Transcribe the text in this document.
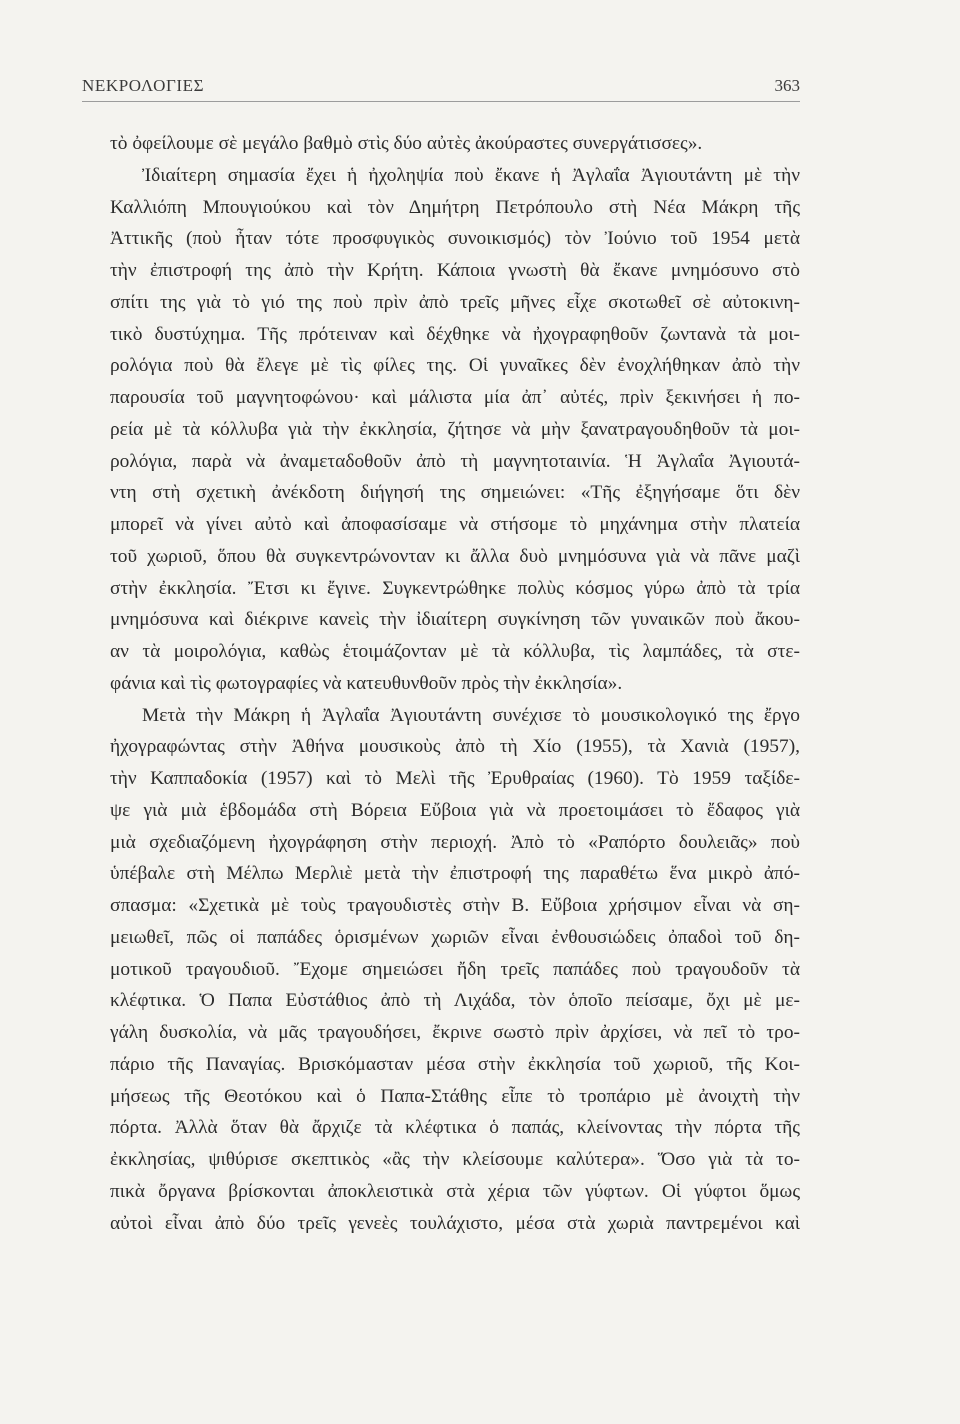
ΝΕΚΡΟΛΟΓΙΕΣ	363
τὸ ὀφείλουμε σὲ μεγάλο βαθμὸ στὶς δύο αὐτὲς ἀκούραστες συνεργάτισσες».
Ἰδιαίτερη σημασία ἔχει ἡ ἠχοληψία ποὺ ἔκανε ἡ Ἀγλαΐα Ἀγιουτάντη μὲ τὴν
Καλλιόπη Μπουγιούκου καὶ τὸν Δημήτρη Πετρόπουλο στὴ Νέα Μάκρη τῆς
Ἀττικῆς (ποὺ ἦταν τότε προσφυγικὸς συνοικισμός) τὸν Ἰούνιο τοῦ 1954 μετὰ
τὴν ἐπιστροφή της ἀπὸ τὴν Κρήτη. Κάποια γνωστὴ θὰ ἔκανε μνημόσυνο στὸ
σπίτι της γιὰ τὸ γιό της ποὺ πρὶν ἀπὸ τρεῖς μῆνες εἶχε σκοτωθεῖ σὲ αὐτοκινη-
τικὸ δυστύχημα. Τῆς πρότειναν καὶ δέχθηκε νὰ ἠχογραφηθοῦν ζωντανὰ τὰ μοι-
ρολόγια ποὺ θὰ ἔλεγε μὲ τὶς φίλες της. Οἱ γυναῖκες δὲν ἐνοχλήθηκαν ἀπὸ τὴν
παρουσία τοῦ μαγνητοφώνου· καὶ μάλιστα μία ἀπ᾽ αὐτές, πρὶν ξεκινήσει ἡ πο-
ρεία μὲ τὰ κόλλυβα γιὰ τὴν ἐκκλησία, ζήτησε νὰ μὴν ξανατραγουδηθοῦν τὰ μοι-
ρολόγια, παρὰ νὰ ἀναμεταδοθοῦν ἀπὸ τὴ μαγνητοταινία. Ἡ Ἀγλαΐα Ἀγιουτά-
ντη στὴ σχετικὴ ἀνέκδοτη διήγησή της σημειώνει: «Τῆς ἐξηγήσαμε ὅτι δὲν
μπορεῖ νὰ γίνει αὐτὸ καὶ ἀποφασίσαμε νὰ στήσομε τὸ μηχάνημα στὴν πλατεία
τοῦ χωριοῦ, ὅπου θὰ συγκεντρώνονταν κι ἄλλα δυὸ μνημόσυνα γιὰ νὰ πᾶνε μαζὶ
στὴν ἐκκλησία. Ἔτσι κι ἔγινε. Συγκεντρώθηκε πολὺς κόσμος γύρω ἀπὸ τὰ τρία
μνημόσυνα καὶ διέκρινε κανεὶς τὴν ἰδιαίτερη συγκίνηση τῶν γυναικῶν ποὺ ἄκου-
αν τὰ μοιρολόγια, καθὼς ἑτοιμάζονταν μὲ τὰ κόλλυβα, τὶς λαμπάδες, τὰ στε-
φάνια καὶ τὶς φωτογραφίες νὰ κατευθυνθοῦν πρὸς τὴν ἐκκλησία».
Μετὰ τὴν Μάκρη ἡ Ἀγλαΐα Ἀγιουτάντη συνέχισε τὸ μουσικολογικό της ἔργο
ἠχογραφώντας στὴν Ἀθήνα μουσικοὺς ἀπὸ τὴ Χίο (1955), τὰ Χανιὰ (1957),
τὴν Καππαδοκία (1957) καὶ τὸ Μελὶ τῆς Ἐρυθραίας (1960). Τὸ 1959 ταξίδε-
ψε γιὰ μιὰ ἑβδομάδα στὴ Βόρεια Εὔβοια γιὰ νὰ προετοιμάσει τὸ ἔδαφος γιὰ
μιὰ σχεδιαζόμενη ἠχογράφηση στὴν περιοχή. Ἀπὸ τὸ «Ραπόρτο δουλειᾶς» ποὺ
ὑπέβαλε στὴ Μέλπω Μερλιὲ μετὰ τὴν ἐπιστροφή της παραθέτω ἕνα μικρὸ ἀπό-
σπασμα: «Σχετικὰ μὲ τοὺς τραγουδιστὲς στὴν Β. Εὔβοια χρήσιμον εἶναι νὰ ση-
μειωθεῖ, πῶς οἱ παπάδες ὁρισμένων χωριῶν εἶναι ἐνθουσιώδεις ὀπαδοὶ τοῦ δη-
μοτικοῦ τραγουδιοῦ. Ἔχομε σημειώσει ἤδη τρεῖς παπάδες ποὺ τραγουδοῦν τὰ
κλέφτικα. Ὁ Παπα Εὐστάθιος ἀπὸ τὴ Λιχάδα, τὸν ὁποῖο πείσαμε, ὄχι μὲ με-
γάλη δυσκολία, νὰ μᾶς τραγουδήσει, ἔκρινε σωστὸ πρὶν ἀρχίσει, νὰ πεῖ τὸ τρο-
πάριο τῆς Παναγίας. Βρισκόμασταν μέσα στὴν ἐκκλησία τοῦ χωριοῦ, τῆς Κοι-
μήσεως τῆς Θεοτόκου καὶ ὁ Παπα-Στάθης εἶπε τὸ τροπάριο μὲ ἀνοιχτὴ τὴν
πόρτα. Ἀλλὰ ὅταν θὰ ἄρχιζε τὰ κλέφτικα ὁ παπάς, κλείνοντας τὴν πόρτα τῆς
ἐκκλησίας, ψιθύρισε σκεπτικὸς «ἂς τὴν κλείσουμε καλύτερα». Ὅσο γιὰ τὰ το-
πικὰ ὄργανα βρίσκονται ἀποκλειστικὰ στὰ χέρια τῶν γύφτων. Οἱ γύφτοι ὅμως
αὐτοὶ εἶναι ἀπὸ δύο τρεῖς γενεὲς τουλάχιστο, μέσα στὰ χωριὰ παντρεμένοι καὶ
